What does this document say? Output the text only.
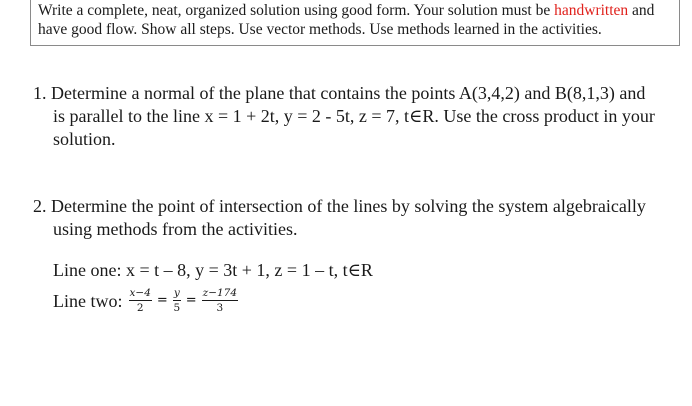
Write a complete, neat, organized solution using good form. Your solution must be handwritten and have good flow. Show all steps. Use vector methods. Use methods learned in the activities.
1. Determine a normal of the plane that contains the points A(3,4,2) and B(8,1,3) and
is parallel to the line x = 1 + 2t, y = 2 - 5t, z = 7, t∈R. Use the cross product in your
solution.
2. Determine the point of intersection of the lines by solving the system algebraically
using methods from the activities.
Line one: x = t – 8, y = 3t + 1, z = 1 – t, t∈R
Line two: $\frac{x-4}{2} = \frac{y}{5} = \frac{z-174}{3}$
